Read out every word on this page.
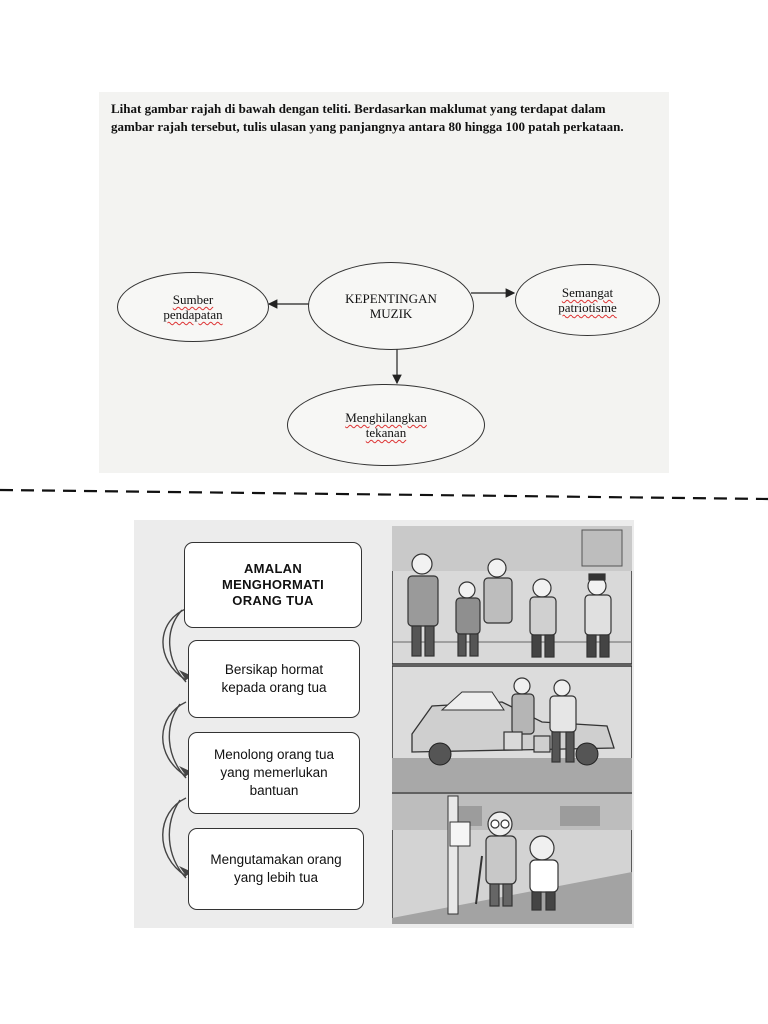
Lihat gambar rajah di bawah dengan teliti. Berdasarkan maklumat yang terdapat dalam gambar rajah tersebut, tulis ulasan yang panjangnya antara 80 hingga 100 patah perkataan.
KEPENTINGAN
MUZIK
Sumber
pendapatan
Semangat
patriotisme
Menghilangkan
tekanan
AMALAN
MENGHORMATI
ORANG TUA
Bersikap hormat
kepada orang tua
Menolong orang tua
yang memerlukan
bantuan
Mengutamakan orang
yang lebih tua
